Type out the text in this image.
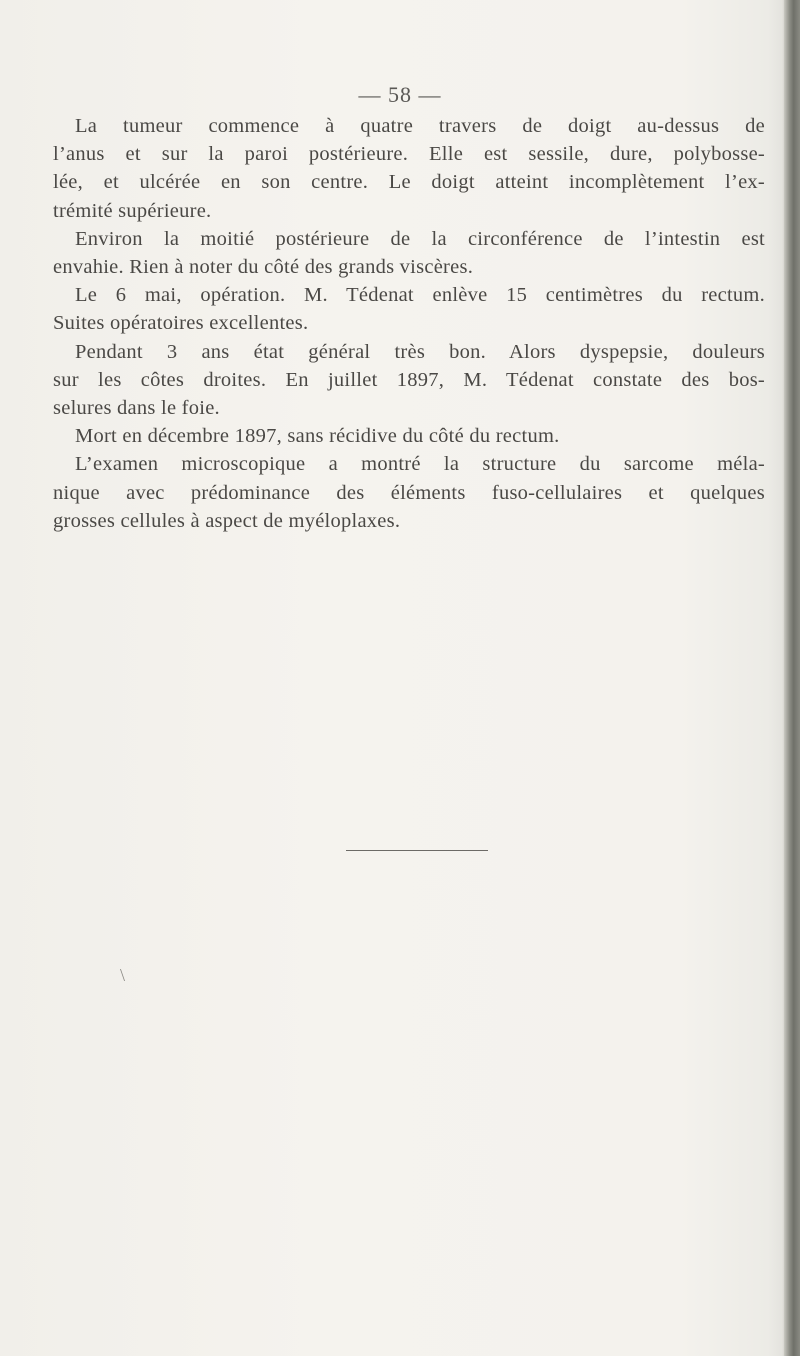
— 58 —
La tumeur commence à quatre travers de doigt au-dessus de
l’anus et sur la paroi postérieure. Elle est sessile, dure, polybosse-
lée, et ulcérée en son centre. Le doigt atteint incomplètement l’ex-
trémité supérieure.
Environ la moitié postérieure de la circonférence de l’intestin est
envahie. Rien à noter du côté des grands viscères.
Le 6 mai, opération. M. Tédenat enlève 15 centimètres du rectum.
Suites opératoires excellentes.
Pendant 3 ans état général très bon. Alors dyspepsie, douleurs
sur les côtes droites. En juillet 1897, M. Tédenat constate des bos-
selures dans le foie.
Mort en décembre 1897, sans récidive du côté du rectum.
L’examen microscopique a montré la structure du sarcome méla-
nique avec prédominance des éléments fuso-cellulaires et quelques
grosses cellules à aspect de myéloplaxes.
\
